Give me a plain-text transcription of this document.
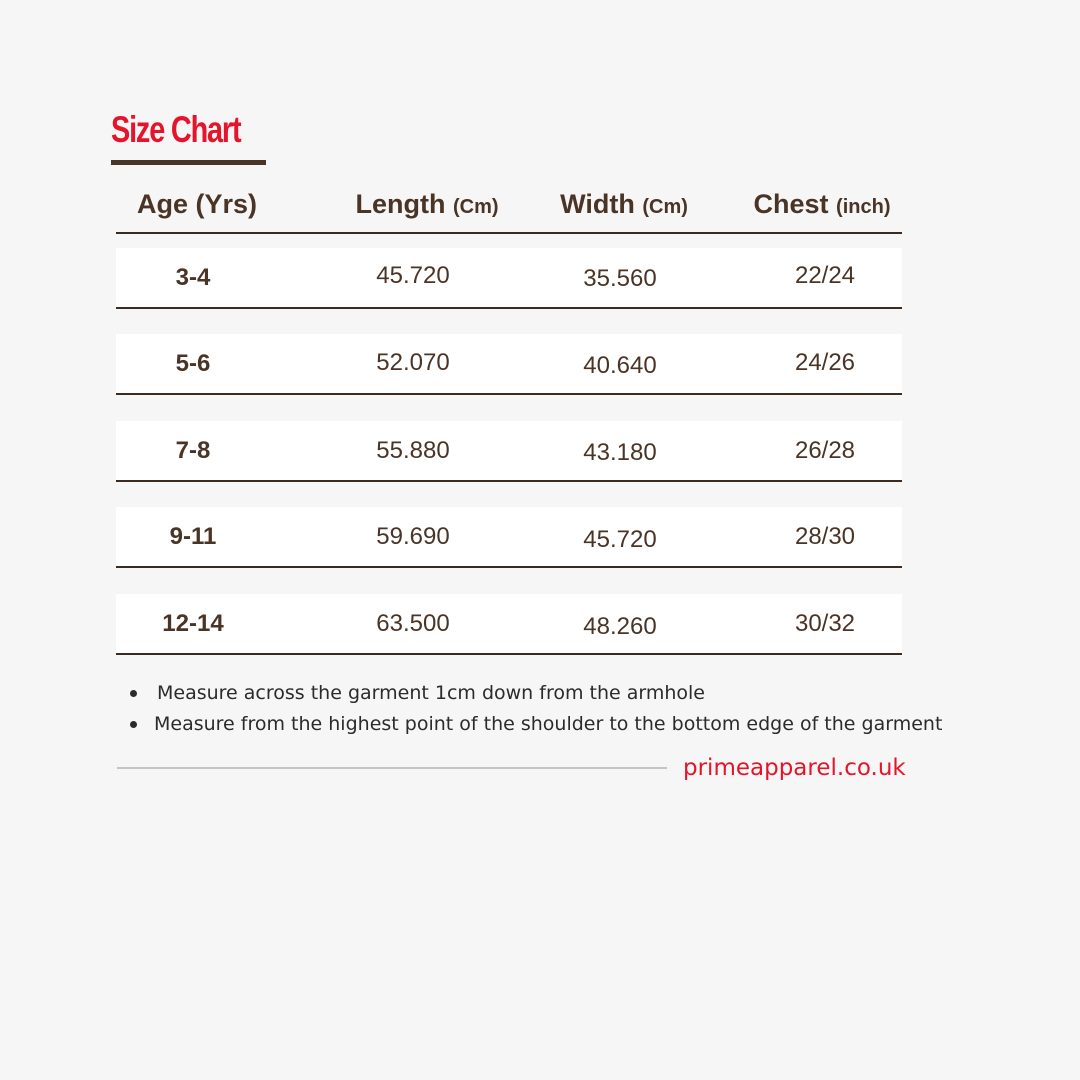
Size Chart
Age (Yrs)	Length (Cm)	Width (Cm)	Chest (inch)
3-4	45.720	35.560	22/24
5-6	52.070	40.640	24/26
7-8	55.880	43.180	26/28
9-11	59.690	45.720	28/30
12-14	63.500	48.260	30/32
Measure across the garment 1cm down from the armhole
Measure from the highest point of the shoulder to the bottom edge of the garment
primeapparel.co.uk
